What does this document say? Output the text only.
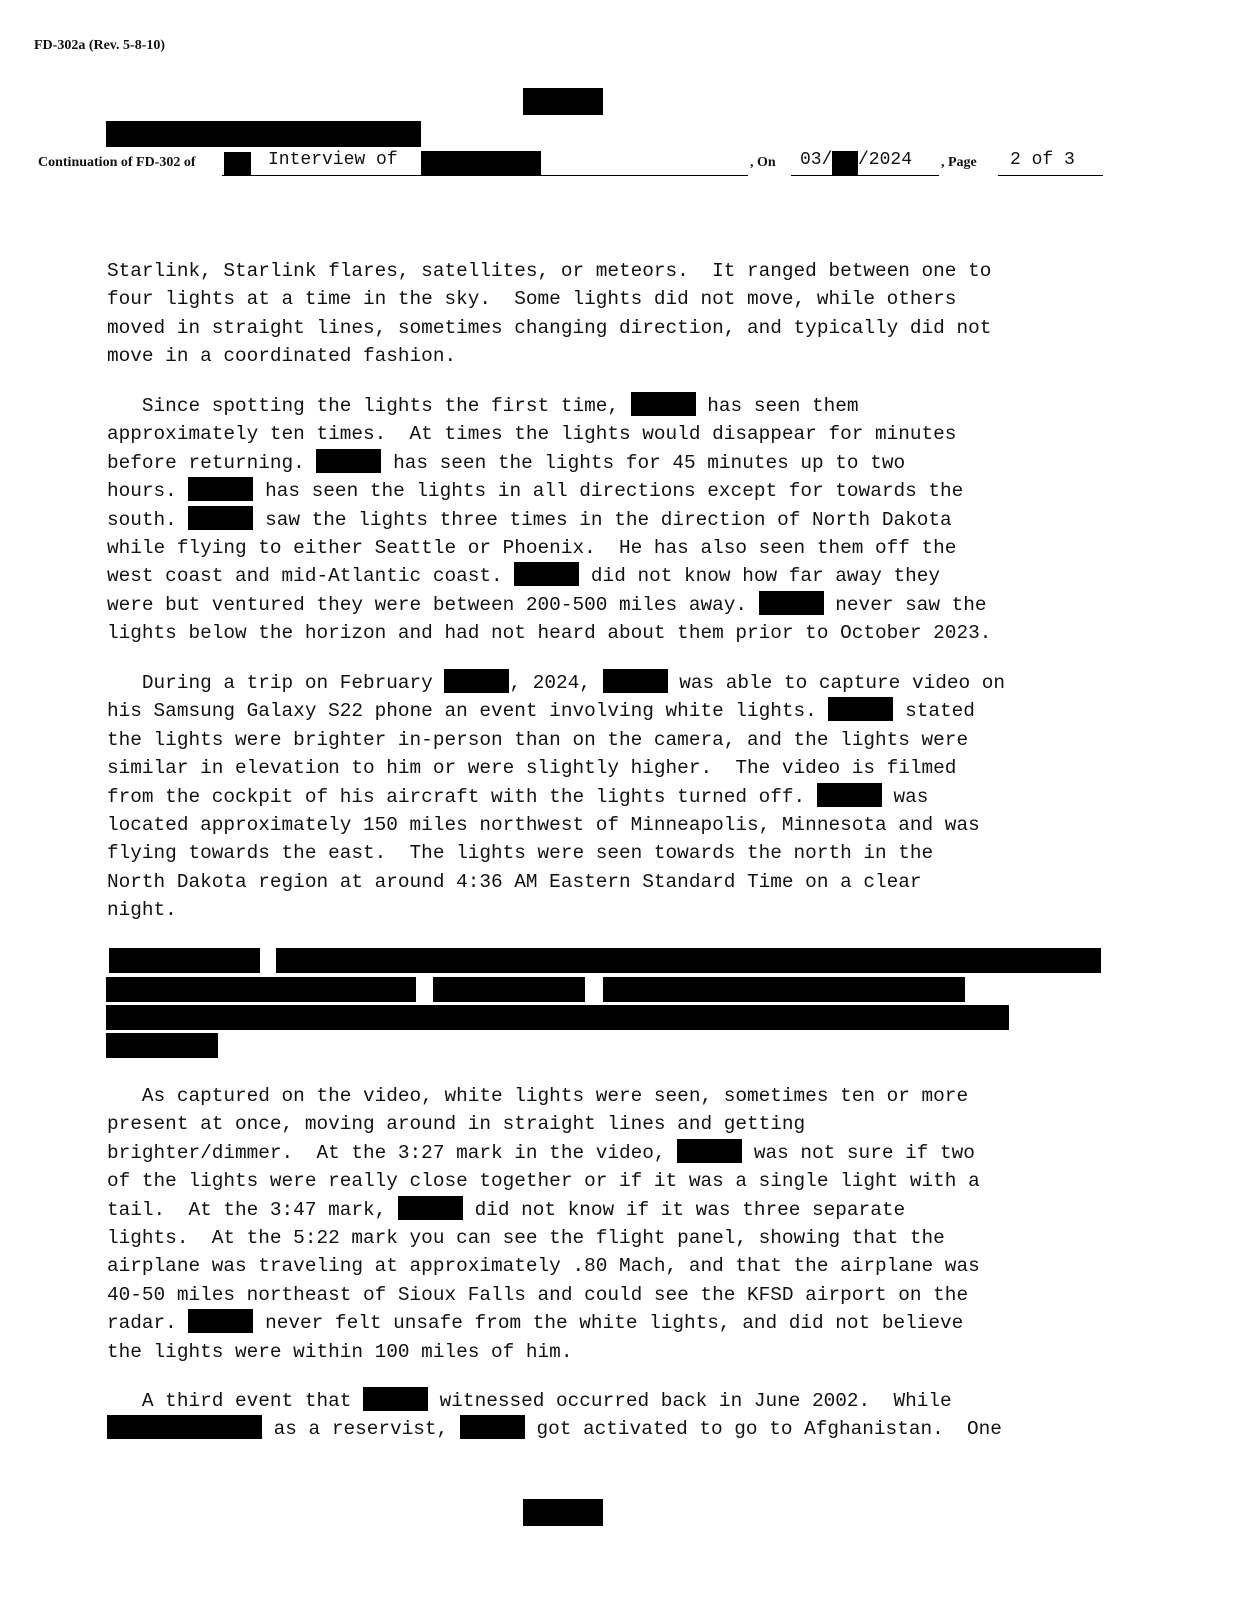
FD-302a (Rev. 5-8-10)
Continuation of FD-302 of	Interview of	, On 03/ /2024 , Page 2 of 3
Starlink, Starlink flares, satellites, or meteors.  It ranged between one to
four lights at a time in the sky.  Some lights did not move, while others
moved in straight lines, sometimes changing direction, and typically did not
move in a coordinated fashion.
Since spotting the lights the first time,	has seen them
approximately ten times.  At times the lights would disappear for minutes
before returning.	has seen the lights for 45 minutes up to two
hours.	has seen the lights in all directions except for towards the
south.	saw the lights three times in the direction of North Dakota
while flying to either Seattle or Phoenix.  He has also seen them off the
west coast and mid-Atlantic coast.	did not know how far away they
were but ventured they were between 200-500 miles away.	never saw the
lights below the horizon and had not heard about them prior to October 2023.
During a trip on February	, 2024,	was able to capture video on
his Samsung Galaxy S22 phone an event involving white lights.	stated
the lights were brighter in-person than on the camera, and the lights were
similar in elevation to him or were slightly higher.  The video is filmed
from the cockpit of his aircraft with the lights turned off.	was
located approximately 150 miles northwest of Minneapolis, Minnesota and was
flying towards the east.  The lights were seen towards the north in the
North Dakota region at around 4:36 AM Eastern Standard Time on a clear
night.
As captured on the video, white lights were seen, sometimes ten or more
present at once, moving around in straight lines and getting
brighter/dimmer.  At the 3:27 mark in the video,	was not sure if two
of the lights were really close together or if it was a single light with a
tail.  At the 3:47 mark,	did not know if it was three separate
lights.  At the 5:22 mark you can see the flight panel, showing that the
airplane was traveling at approximately .80 Mach, and that the airplane was
40-50 miles northeast of Sioux Falls and could see the KFSD airport on the
radar.	never felt unsafe from the white lights, and did not believe
the lights were within 100 miles of him.
A third event that	witnessed occurred back in June 2002.  While
as a reservist,	got activated to go to Afghanistan.  One
